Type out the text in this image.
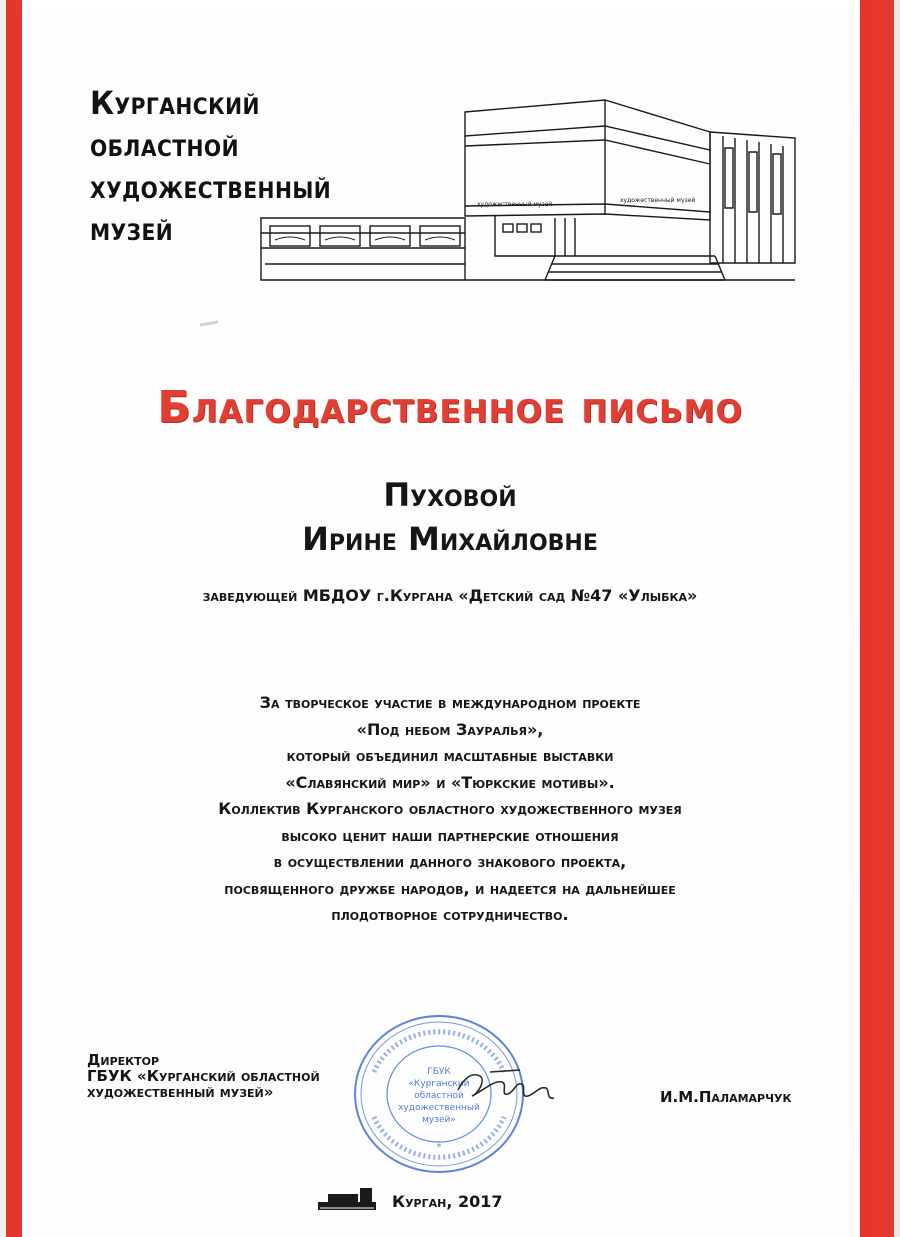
Курганский
областной
художественный
музей
художественный музей
художественный музей
Благодарственное письмо
Пуховой
Ирине Михайловне
заведующей МБДОУ г.Кургана «Детский сад №47 «Улыбка»
За творческое участие в международном проекте
«Под небом Зауралья»,
который объединил масштабные выставки
«Славянский мир» и «Тюркские мотивы».
Коллектив Курганского областного художественного музея
высоко ценит наши партнерские отношения
в осуществлении данного знакового проекта,
посвященного дружбе народов, и надеется на дальнейшее
плодотворное сотрудничество.
Директор
ГБУК «Курганский областной
художественный музей»
ГБУК
«Курганский
областной
художественный
музей»
*
И.М.Паламарчук
Курган, 2017
